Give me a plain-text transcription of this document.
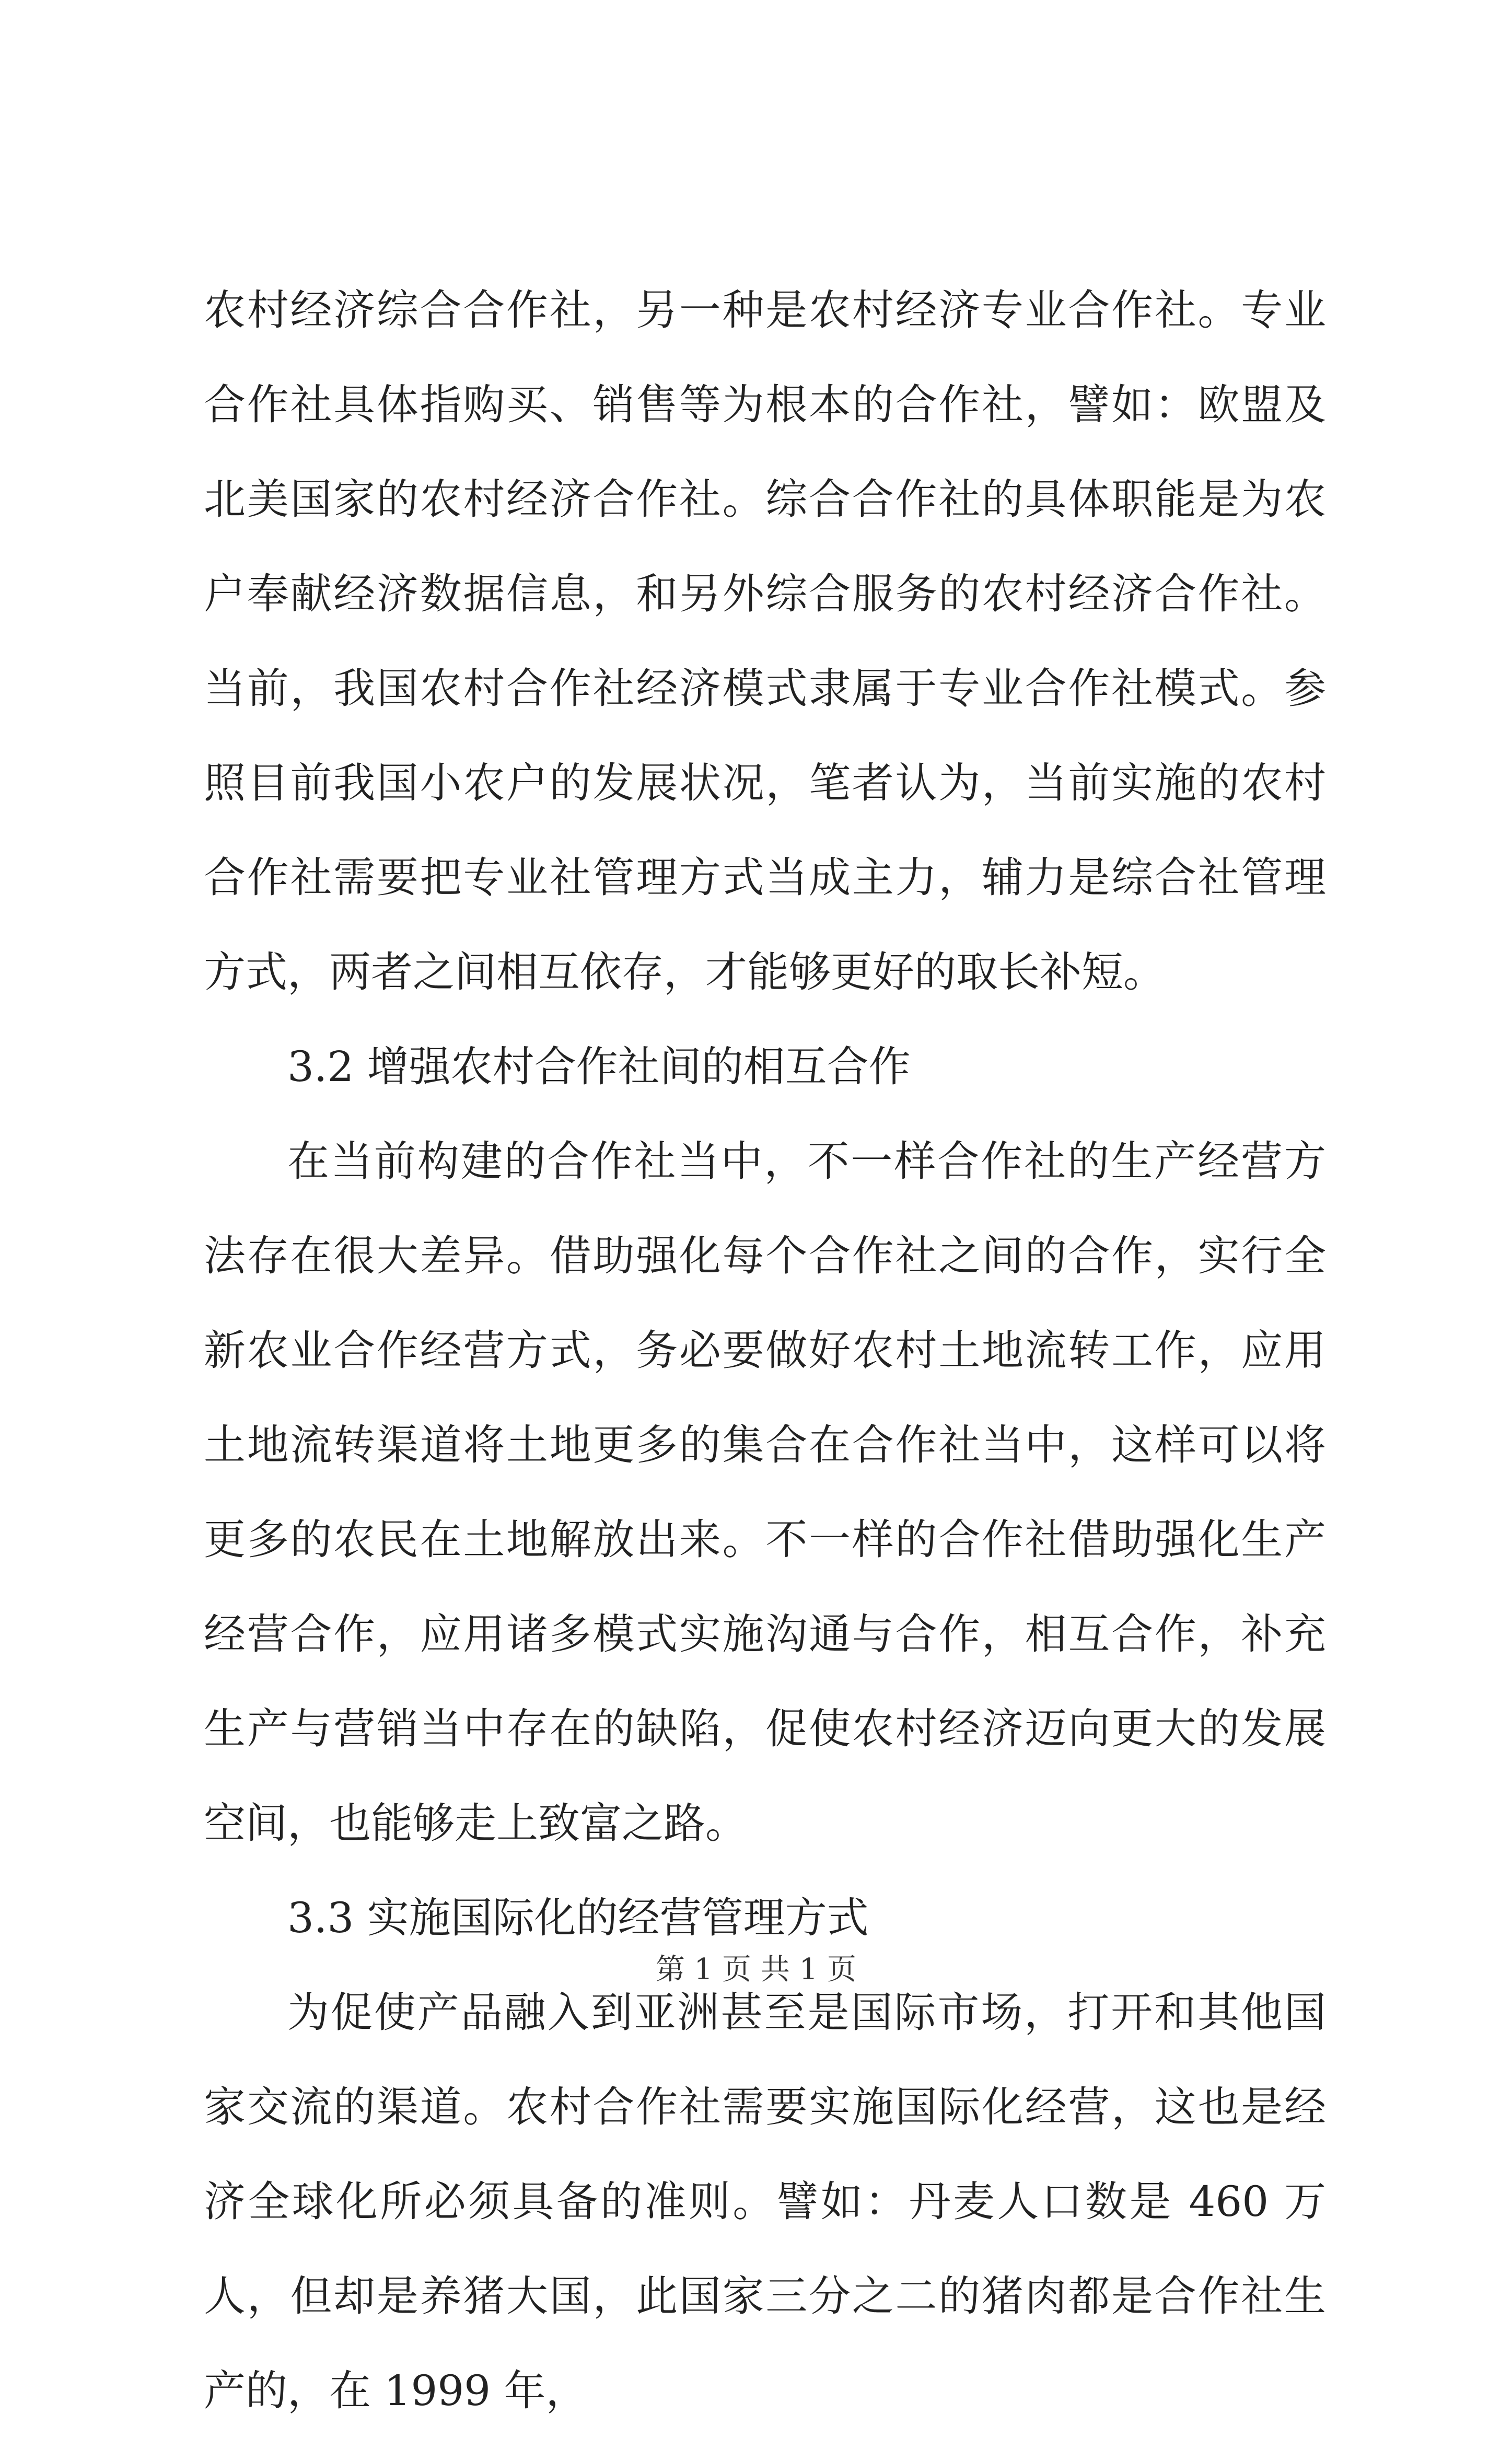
农村经济综合合作社，另一种是农村经济专业合作社。专业合作社具体指购买、销售等为根本的合作社，譬如：欧盟及北美国家的农村经济合作社。综合合作社的具体职能是为农户奉献经济数据信息，和另外综合服务的农村经济合作社。当前，我国农村合作社经济模式隶属于专业合作社模式。参照目前我国小农户的发展状况，笔者认为，当前实施的农村合作社需要把专业社管理方式当成主力，辅力是综合社管理方式，两者之间相互依存，才能够更好的取长补短。

3.2 增强农村合作社间的相互合作

在当前构建的合作社当中，不一样合作社的生产经营方法存在很大差异。借助强化每个合作社之间的合作，实行全新农业合作经营方式，务必要做好农村土地流转工作，应用土地流转渠道将土地更多的集合在合作社当中，这样可以将更多的农民在土地解放出来。不一样的合作社借助强化生产经营合作，应用诸多模式实施沟通与合作，相互合作，补充生产与营销当中存在的缺陷，促使农村经济迈向更大的发展空间，也能够走上致富之路。

3.3 实施国际化的经营管理方式

为促使产品融入到亚洲甚至是国际市场，打开和其他国家交流的渠道。农村合作社需要实施国际化经营，这也是经济全球化所必须具备的准则。譬如：丹麦人口数是 460 万人，但却是养猪大国，此国家三分之二的猪肉都是合作社生产的，在 1999 年，

第 1 页 共 1 页
